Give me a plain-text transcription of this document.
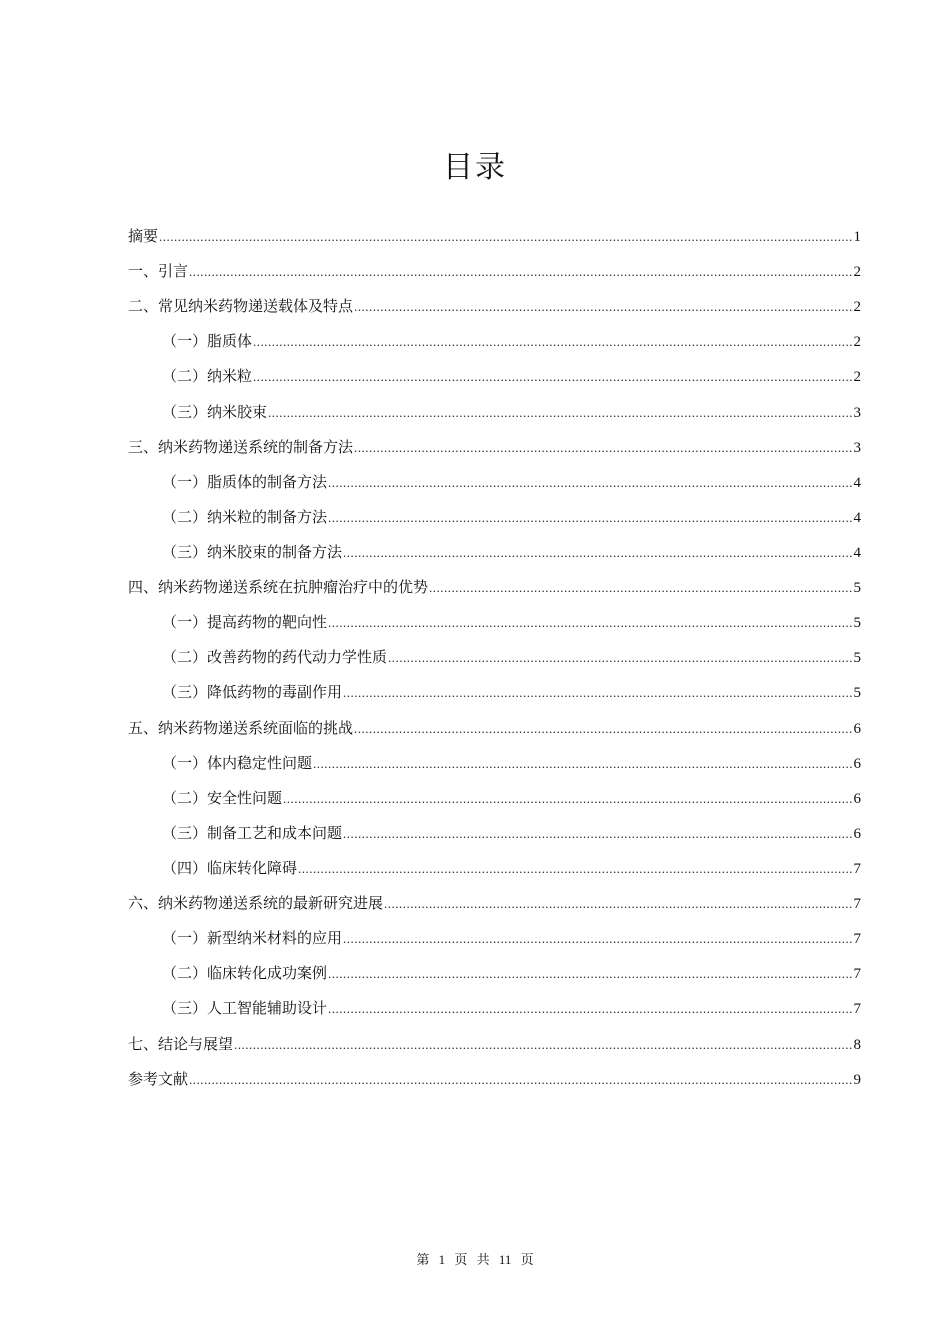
目录
摘要 .....	1
一、引言 .....	2
二、常见纳米药物递送载体及特点 .....	2
（一）脂质体 .....	2
（二）纳米粒 .....	2
（三）纳米胶束 .....	3
三、纳米药物递送系统的制备方法 .....	3
（一）脂质体的制备方法 .....	4
（二）纳米粒的制备方法 .....	4
（三）纳米胶束的制备方法 .....	4
四、纳米药物递送系统在抗肿瘤治疗中的优势 .....	5
（一）提高药物的靶向性 .....	5
（二）改善药物的药代动力学性质 .....	5
（三）降低药物的毒副作用 .....	5
五、纳米药物递送系统面临的挑战 .....	6
（一）体内稳定性问题 .....	6
（二）安全性问题 .....	6
（三）制备工艺和成本问题 .....	6
（四）临床转化障碍 .....	7
六、纳米药物递送系统的最新研究进展 .....	7
（一）新型纳米材料的应用 .....	7
（二）临床转化成功案例 .....	7
（三）人工智能辅助设计 .....	7
七、结论与展望 .....	8
参考文献 .....	9
第 1 页 共 11 页
